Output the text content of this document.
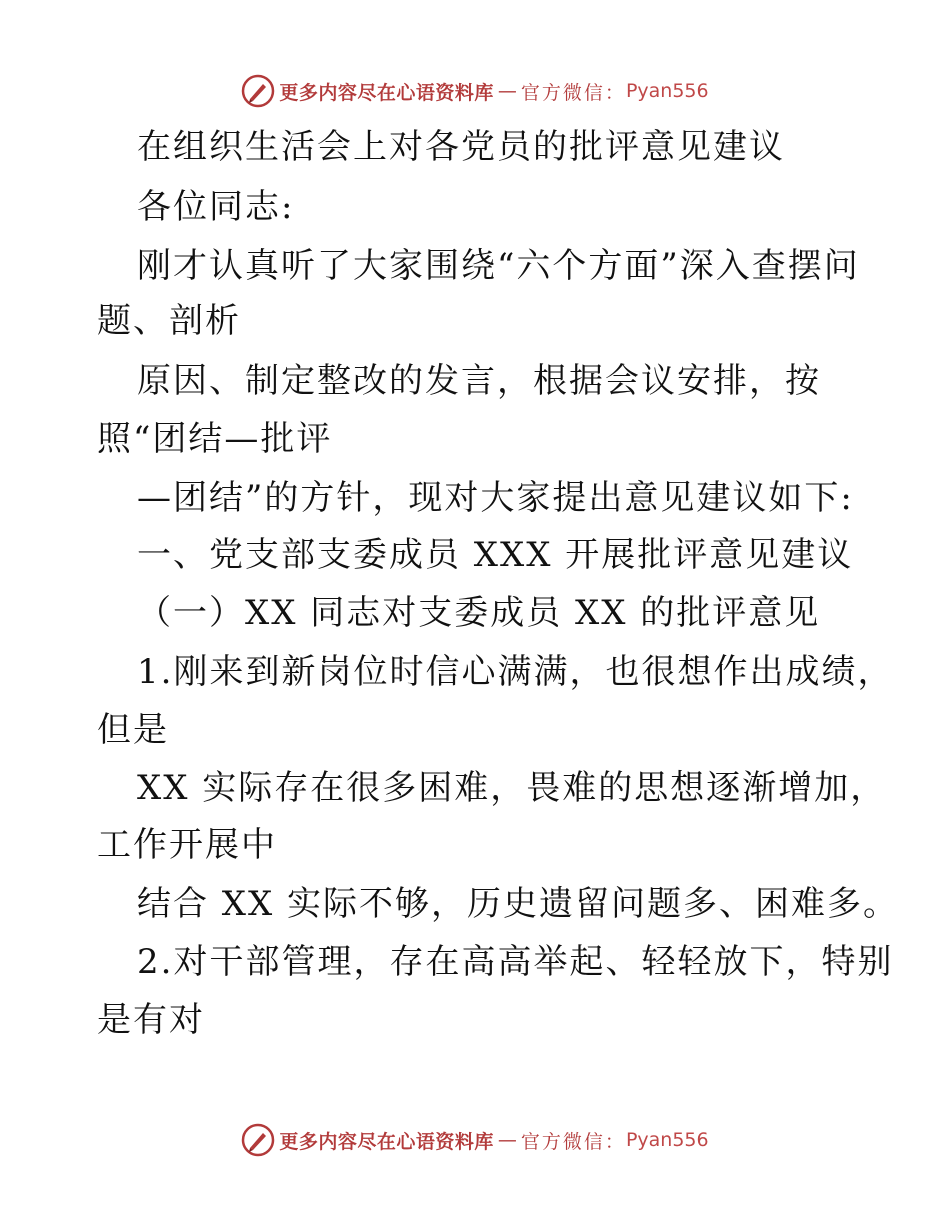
更多内容尽在心语资料库 — 官方微信： Pyan556
在组织生活会上对各党员的批评意见建议
各位同志:
刚才认真听了大家围绕“六个方面”深入查摆问
题、剖析
原因、制定整改的发言，根据会议安排，按
照“团结—批评
—团结”的方针，现对大家提出意见建议如下:
一、党支部支委成员 XXX 开展批评意见建议
（一）XX 同志对支委成员 XX 的批评意见
1.刚来到新岗位时信心满满，也很想作出成绩，
但是
XX 实际存在很多困难，畏难的思想逐渐增加，
工作开展中
结合 XX 实际不够，历史遗留问题多、困难多。
2.对干部管理，存在高高举起、轻轻放下，特别
是有对
更多内容尽在心语资料库 — 官方微信： Pyan556
